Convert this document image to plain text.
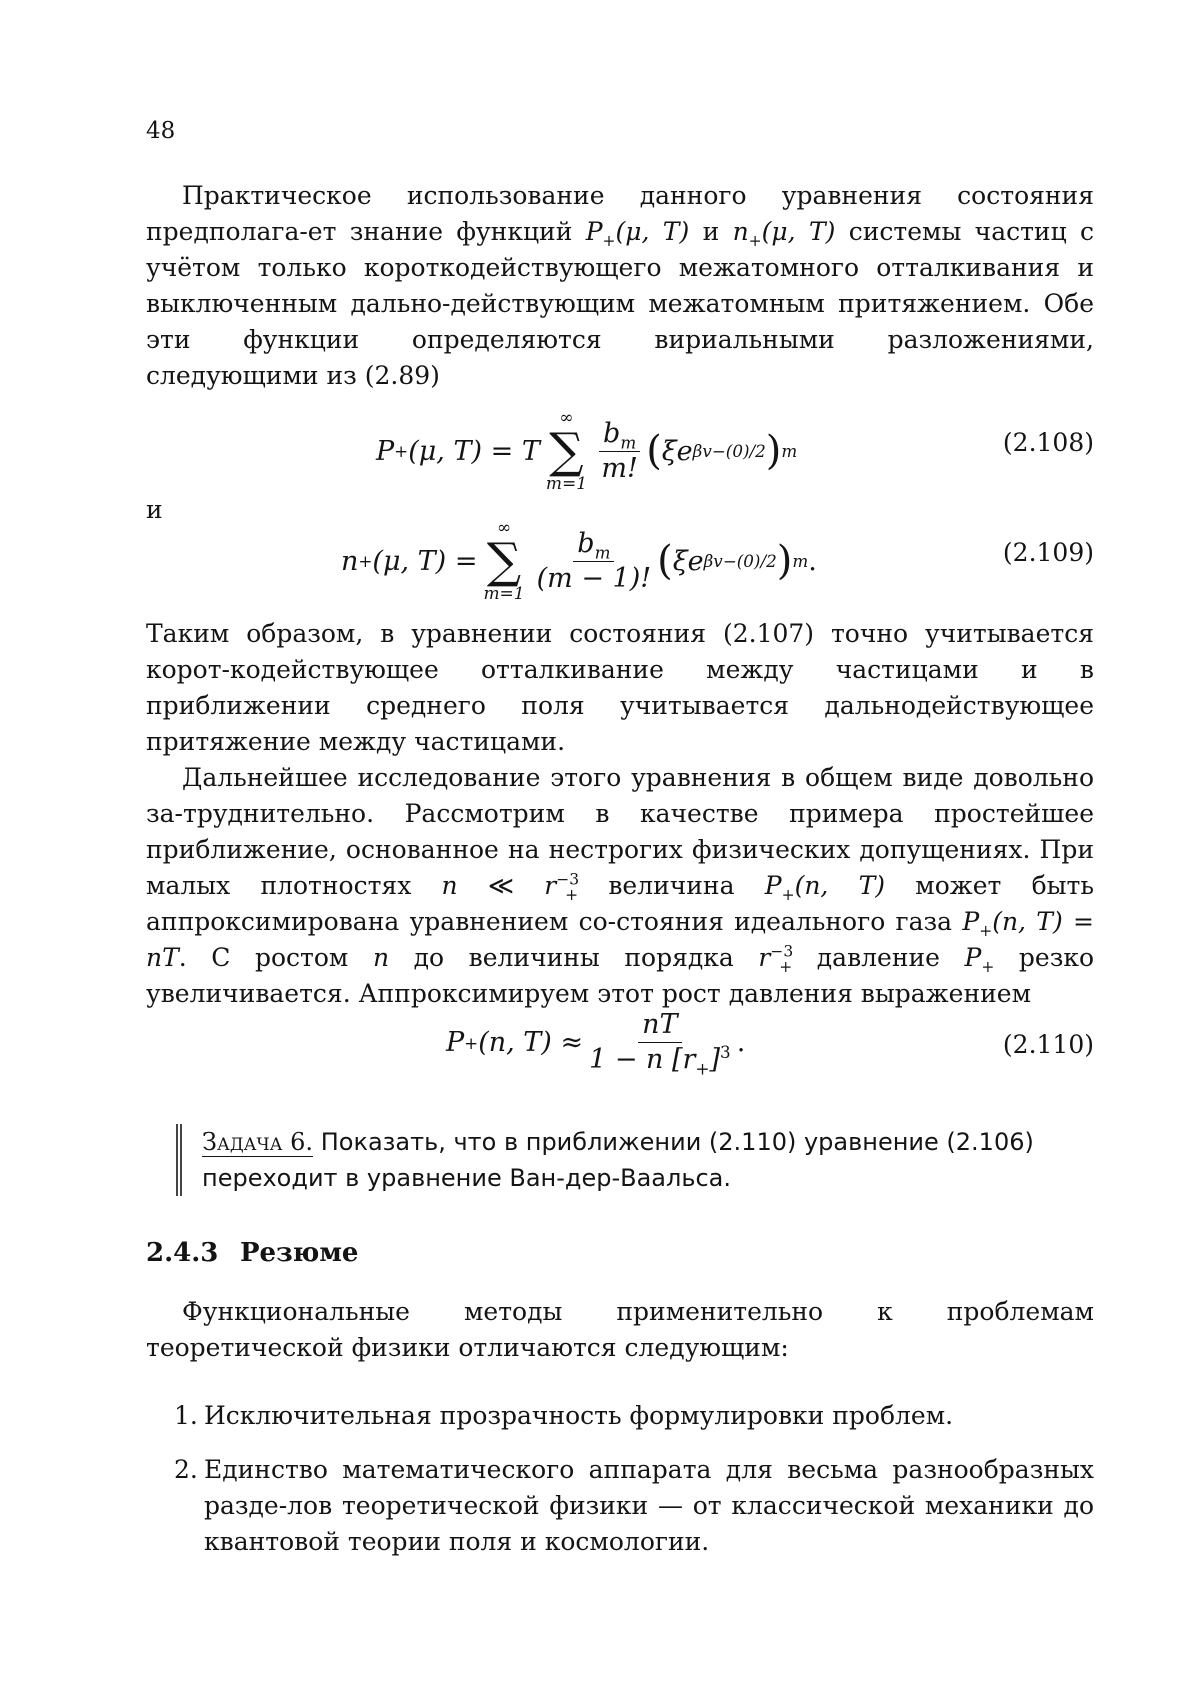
48

Практическое использование данного уравнения состояния предполага-ет знание функций $P_+(\mu$, T) и $n_+(\mu$, T) системы частиц с учётом только короткодействующего межатомного отталкивания и выключенным дально-действующим межатомным притяжением. Обе эти функции определяются вириальными разложениями, следующими из (2.89)

P + (μ, T)
=
T
∞
∑
m=1
$\frac{b_m}{m!}$ ( ξe βv−(0)/2 ) m	(2.108)

и

n + (μ, T)
=
∞
∑
m=1
$\frac{b_m}{(m - 1)!}$ ( ξe βv−(0)/2 ) m .	(2.109)

Таким образом, в уравнении состояния (2.107) точно учитывается корот-кодействующее отталкивание между частицами и в приближении среднего поля учитывается дальнодействующее притяжение между частицами.

Дальнейшее исследование этого уравнения в общем виде довольно за-труднительно. Рассмотрим в качестве примера простейшее приближение, основанное на нестрогих физических допущениях. При малых плотностях n ≪ $r^{-3}_+$ величина $P_+(n$, T) может быть аппроксимирована уравнением со-стояния идеального газа $P_+(n$, T) = nT. С ростом n до величины порядка $r^{-3}_+$ давление $P_+$ резко увеличивается. Аппроксимируем этот рост давления выражением

P + (n, T)
≈ $\frac{nT}{1 - n [r_+]^3}$ .	(2.110)
Задача 6. Показать, что в приближении (2.110) уравнение (2.106) переходит в уравнение Ван-дер-Ваальса.
2.4.3 Резюме

Функциональные методы применительно к проблемам теоретической физики отличаются следующим:

1. Исключительная прозрачность формулировки проблем.
2. Единство математического аппарата для весьма разнообразных разде-лов теоретической физики — от классической механики до квантовой теории поля и космологии.
